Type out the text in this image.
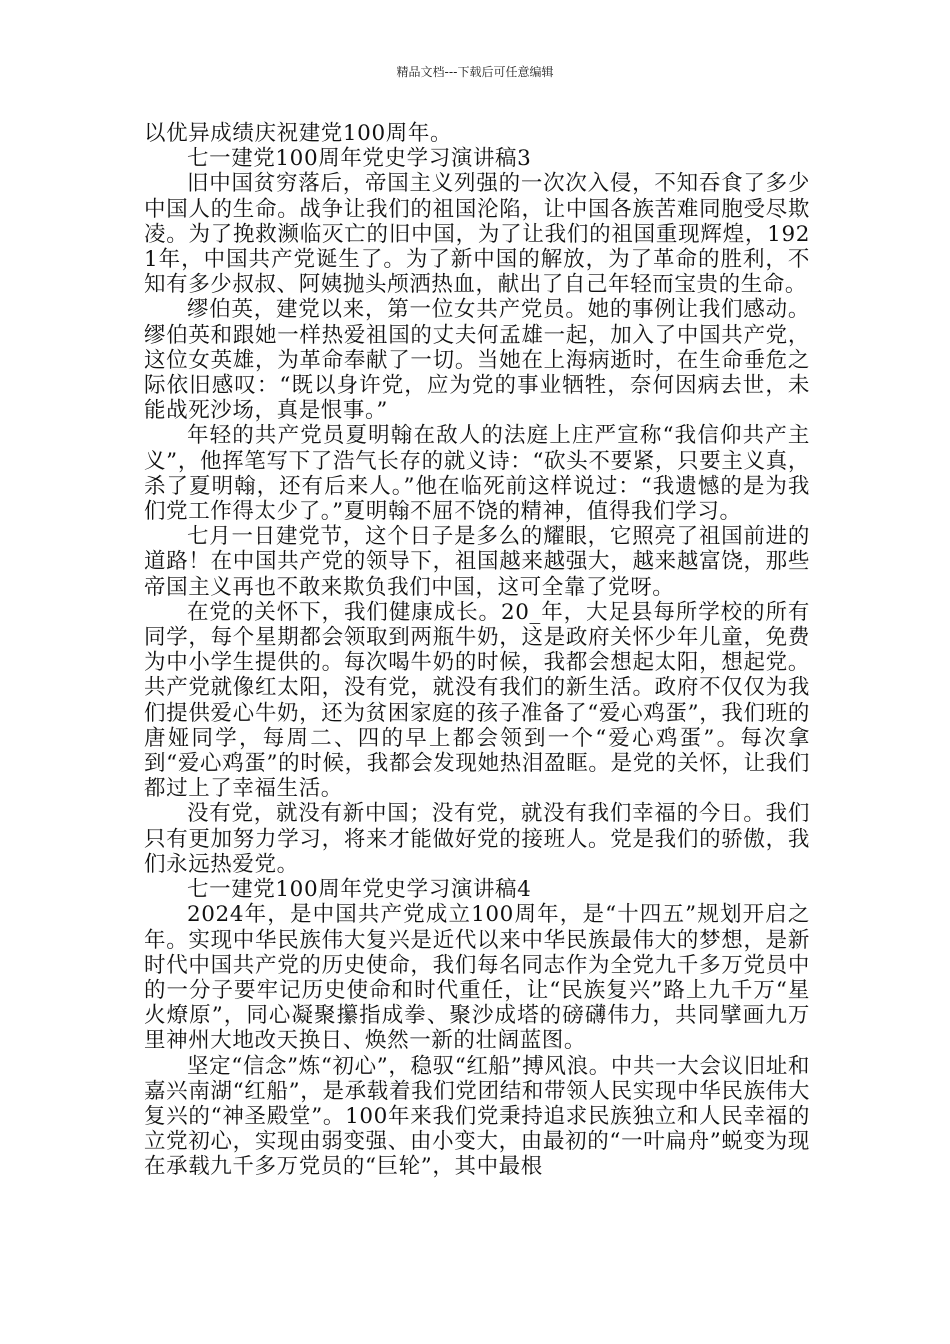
精品文档---下载后可任意编辑

以优异成绩庆祝建党100周年。

七一建党100周年党史学习演讲稿3

旧中国贫穷落后，帝国主义列强的一次次入侵，不知吞食了多少中国人的生命。战争让我们的祖国沦陷，让中国各族苦难同胞受尽欺凌。为了挽救濒临灭亡的旧中国，为了让我们的祖国重现辉煌，1921年，中国共产党诞生了。为了新中国的解放，为了革命的胜利，不知有多少叔叔、阿姨抛头颅洒热血，献出了自己年轻而宝贵的生命。

缪伯英，建党以来，第一位女共产党员。她的事例让我们感动。缪伯英和跟她一样热爱祖国的丈夫何孟雄一起，加入了中国共产党，这位女英雄，为革命奉献了一切。当她在上海病逝时，在生命垂危之际依旧感叹：“既以身许党，应为党的事业牺牲，奈何因病去世，未能战死沙场，真是恨事。”

年轻的共产党员夏明翰在敌人的法庭上庄严宣称“我信仰共产主义”，他挥笔写下了浩气长存的就义诗：“砍头不要紧，只要主义真，杀了夏明翰，还有后来人。”他在临死前这样说过：“我遗憾的是为我们党工作得太少了。”夏明翰不屈不饶的精神，值得我们学习。

七月一日建党节，这个日子是多么的耀眼，它照亮了祖国前进的道路！在中国共产党的领导下，祖国越来越强大，越来越富饶，那些帝国主义再也不敢来欺负我们中国，这可全靠了党呀。

在党的关怀下，我们健康成长。20_年，大足县每所学校的所有同学，每个星期都会领取到两瓶牛奶，这是政府关怀少年儿童，免费为中小学生提供的。每次喝牛奶的时候，我都会想起太阳，想起党。共产党就像红太阳，没有党，就没有我们的新生活。政府不仅仅为我们提供爱心牛奶，还为贫困家庭的孩子准备了“爱心鸡蛋”，我们班的唐娅同学，每周二、四的早上都会领到一个“爱心鸡蛋”。每次拿到“爱心鸡蛋”的时候，我都会发现她热泪盈眶。是党的关怀，让我们都过上了幸福生活。

没有党，就没有新中国；没有党，就没有我们幸福的今日。我们只有更加努力学习，将来才能做好党的接班人。党是我们的骄傲，我们永远热爱党。

七一建党100周年党史学习演讲稿4

2024年，是中国共产党成立100周年，是“十四五”规划开启之年。实现中华民族伟大复兴是近代以来中华民族最伟大的梦想，是新时代中国共产党的历史使命，我们每名同志作为全党九千多万党员中的一分子要牢记历史使命和时代重任，让“民族复兴”路上九千万“星火燎原”，同心凝聚攥指成拳、聚沙成塔的磅礴伟力，共同擘画九万里神州大地改天换日、焕然一新的壮阔蓝图。

坚定“信念”炼“初心”，稳驭“红船”搏风浪。中共一大会议旧址和嘉兴南湖“红船”，是承载着我们党团结和带领人民实现中华民族伟大复兴的“神圣殿堂”。100年来我们党秉持追求民族独立和人民幸福的立党初心，实现由弱变强、由小变大，由最初的“一叶扁舟”蜕变为现在承载九千多万党员的“巨轮”，其中最根
